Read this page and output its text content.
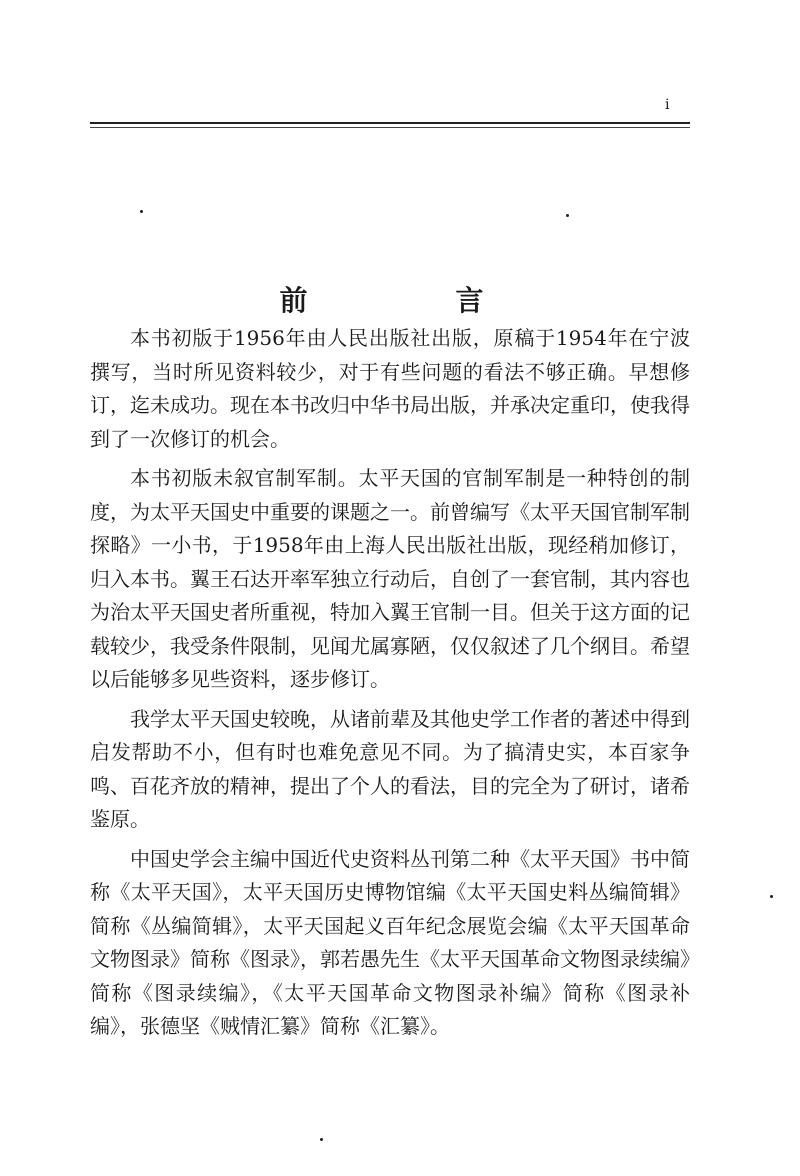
i
前　言

本书初版于1956年由人民出版社出版，原稿于1954年在宁波撰写，当时所见资料较少，对于有些问题的看法不够正确。早想修订，迄未成功。现在本书改归中华书局出版，并承决定重印，使我得到了一次修订的机会。

本书初版未叙官制军制。太平天国的官制军制是一种特创的制度，为太平天国史中重要的课题之一。前曾编写《太平天国官制军制探略》一小书，于1958年由上海人民出版社出版，现经稍加修订，归入本书。翼王石达开率军独立行动后，自创了一套官制，其内容也为治太平天国史者所重视，特加入翼王官制一目。但关于这方面的记载较少，我受条件限制，见闻尤属寡陋，仅仅叙述了几个纲目。希望以后能够多见些资料，逐步修订。

我学太平天国史较晚，从诸前辈及其他史学工作者的著述中得到启发帮助不小，但有时也难免意见不同。为了搞清史实，本百家争鸣、百花齐放的精神，提出了个人的看法，目的完全为了研讨，诸希鉴原。

中国史学会主编中国近代史资料丛刊第二种《太平天国》书中简称《太平天国》，太平天国历史博物馆编《太平天国史料丛编简辑》简称《丛编简辑》，太平天国起义百年纪念展览会编《太平天国革命文物图录》简称《图录》，郭若愚先生《太平天国革命文物图录续编》简称《图录续编》，《太平天国革命文物图录补编》简称《图录补编》，张德坚《贼情汇纂》简称《汇纂》。
